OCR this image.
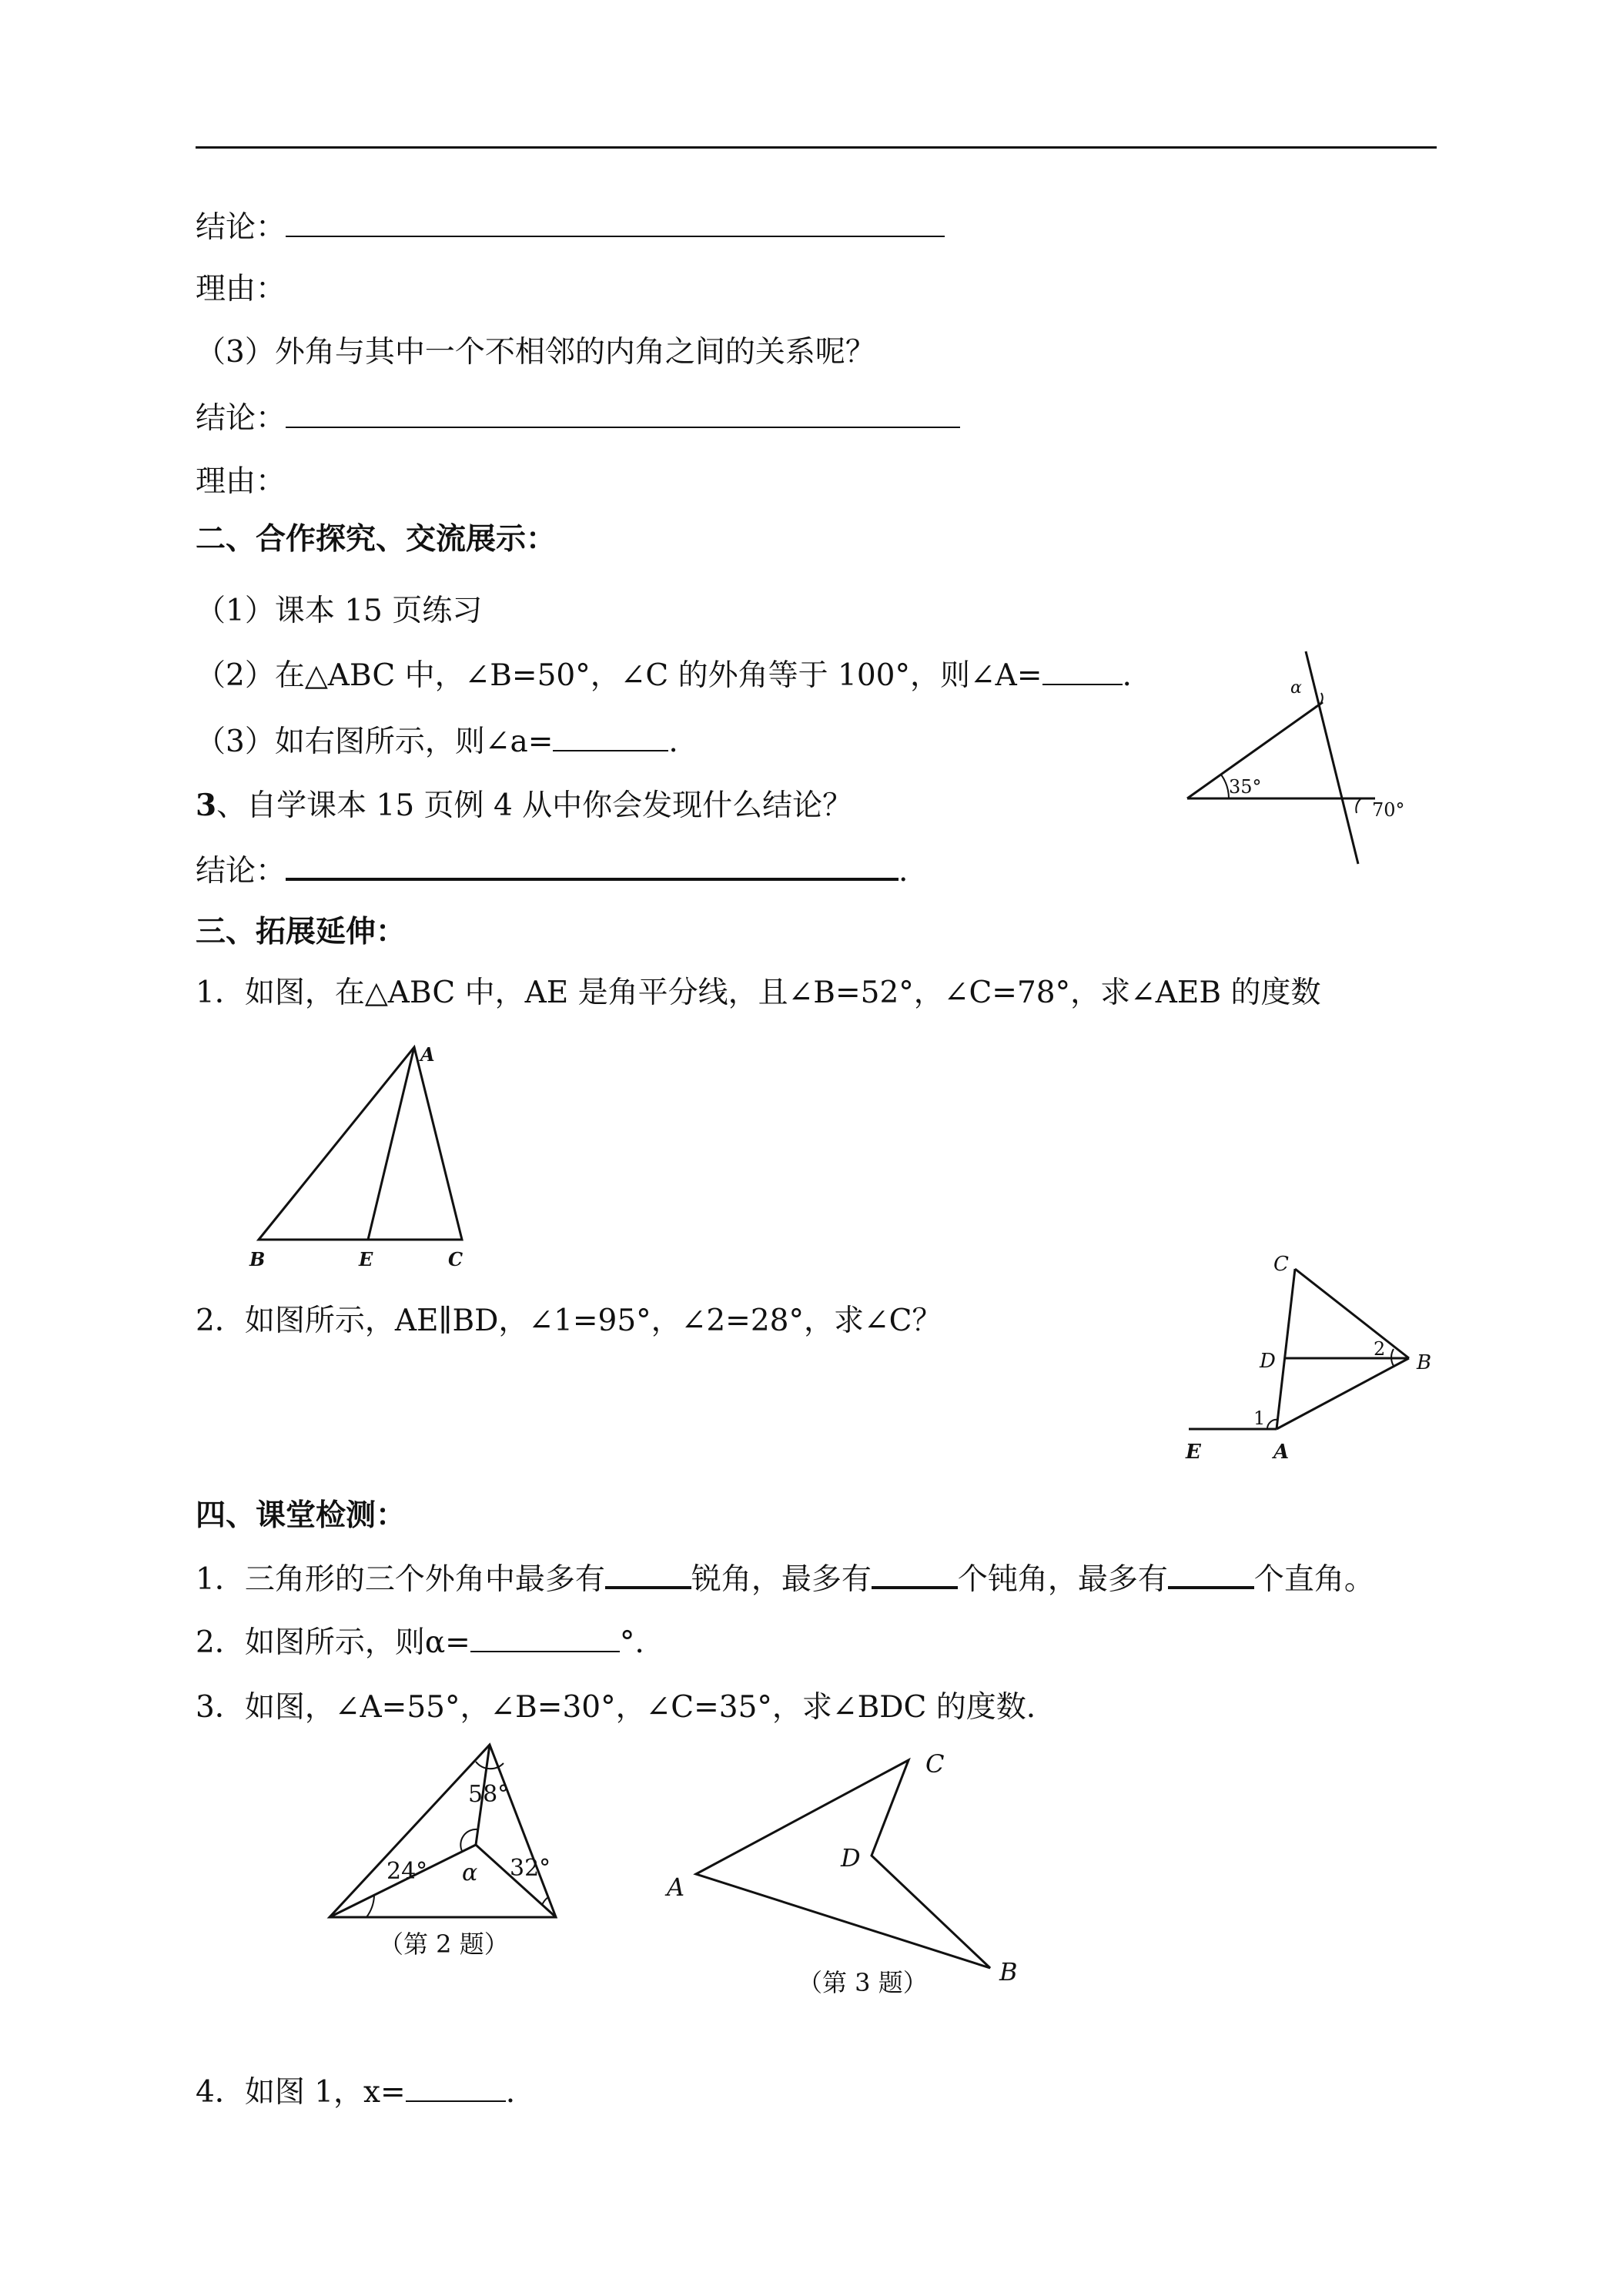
结论：
理由：
（3）外角与其中一个不相邻的内角之间的关系呢？
结论：
理由：
二、合作探究、交流展示：
（1）课本 15 页练习
（2）在△ABC 中，∠B=50°，∠C 的外角等于 100°，则∠A=	.
（3）如右图所示，则∠a=	.
3、自学课本 15 页例 4 从中你会发现什么结论？
结论：	.
α
35°
70°
三、拓展延伸：
1．如图，在△ABC 中，AE 是角平分线，且∠B=52°，∠C=78°，求∠AEB 的度数
A
B	E	C
2．如图所示，AE∥BD，∠1=95°，∠2=28°，求∠C？
C
D	B
E	A
1
2
四、课堂检测：
1．三角形的三个外角中最多有	锐角，最多有	个钝角，最多有	个直角。
2．如图所示，则α=	°.
3．如图，∠A=55°，∠B=30°，∠C=35°，求∠BDC 的度数.
58°
24° α 32°
（第 2 题）
A
C
D
B
（第 3 题）
4．如图 1，x=	.
